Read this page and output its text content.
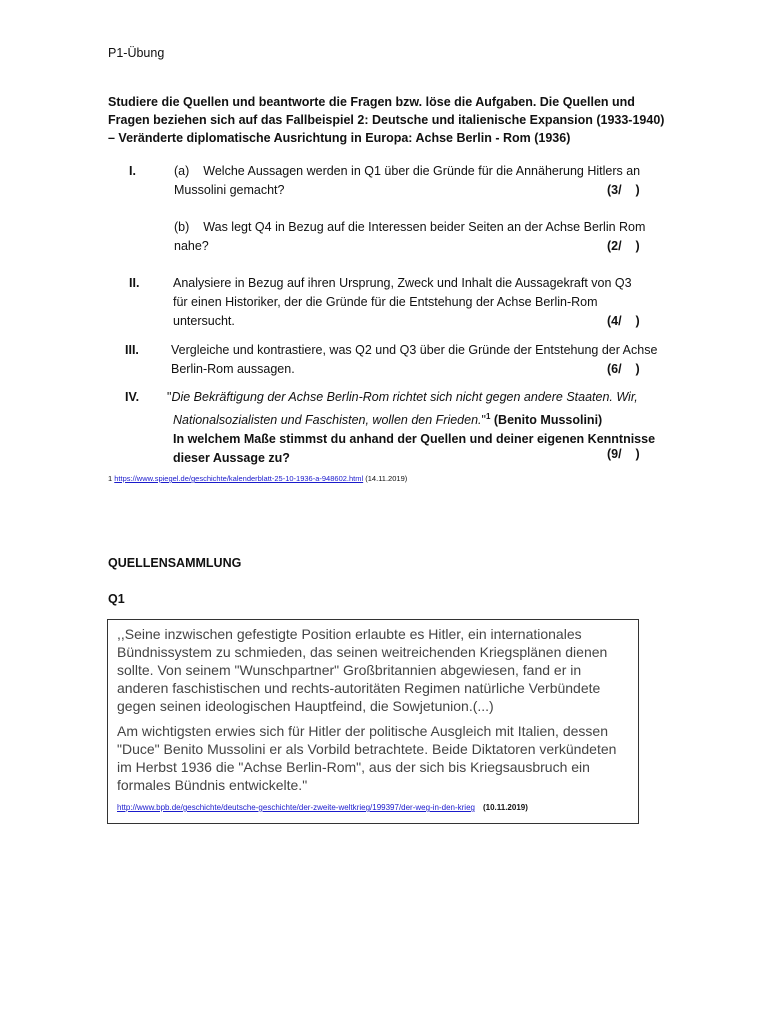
P1-Übung
Studiere die Quellen und beantworte die Fragen bzw. löse die Aufgaben. Die Quellen und Fragen beziehen sich auf das Fallbeispiel 2: Deutsche und italienische Expansion (1933-1940) – Veränderte diplomatische Ausrichtung in Europa: Achse Berlin - Rom (1936)
I.	(a) Welche Aussagen werden in Q1 über die Gründe für die Annäherung Hitlers an
Mussolini gemacht?	(3/    )
(b) Was legt Q4 in Bezug auf die Interessen beider Seiten an der Achse Berlin Rom
nahe?	(2/    )
II.	Analysiere in Bezug auf ihren Ursprung, Zweck und Inhalt die Aussagekraft von Q3
für einen Historiker, der die Gründe für die Entstehung der Achse Berlin-Rom
untersucht.	(4/    )
III.	Vergleiche und kontrastiere, was Q2 und Q3 über die Gründe der Entstehung der Achse
Berlin-Rom aussagen.	(6/    )
IV. "Die Bekräftigung der Achse Berlin-Rom richtet sich nicht gegen andere Staaten. Wir,
Nationalsozialisten und Faschisten, wollen den Frieden."$^1$ (Benito Mussolini)
In welchem Maße stimmst du anhand der Quellen und deiner eigenen Kenntnisse
dieser Aussage zu?	(9/    )
1 https://www.spiegel.de/geschichte/kalenderblatt-25-10-1936-a-948602.html (14.11.2019)
QUELLENSAMMLUNG
Q1
,,Seine inzwischen gefestigte Position erlaubte es Hitler, ein internationales Bündnissystem zu schmieden, das seinen weitreichenden Kriegsplänen dienen sollte. Von seinem "Wunschpartner" Großbritannien abgewiesen, fand er in anderen faschistischen und rechts-autoritäten Regimen natürliche Verbündete gegen seinen ideologischen Hauptfeind, die Sowjetunion.(...)
Am wichtigsten erwies sich für Hitler der politische Ausgleich mit Italien, dessen "Duce" Benito Mussolini er als Vorbild betrachtete. Beide Diktatoren verkündeten im Herbst 1936 die "Achse Berlin-Rom", aus der sich bis Kriegsausbruch ein formales Bündnis entwickelte."
http://www.bpb.de/geschichte/deutsche-geschichte/der-zweite-weltkrieg/199397/der-weg-in-den-krieg (10.11.2019)
